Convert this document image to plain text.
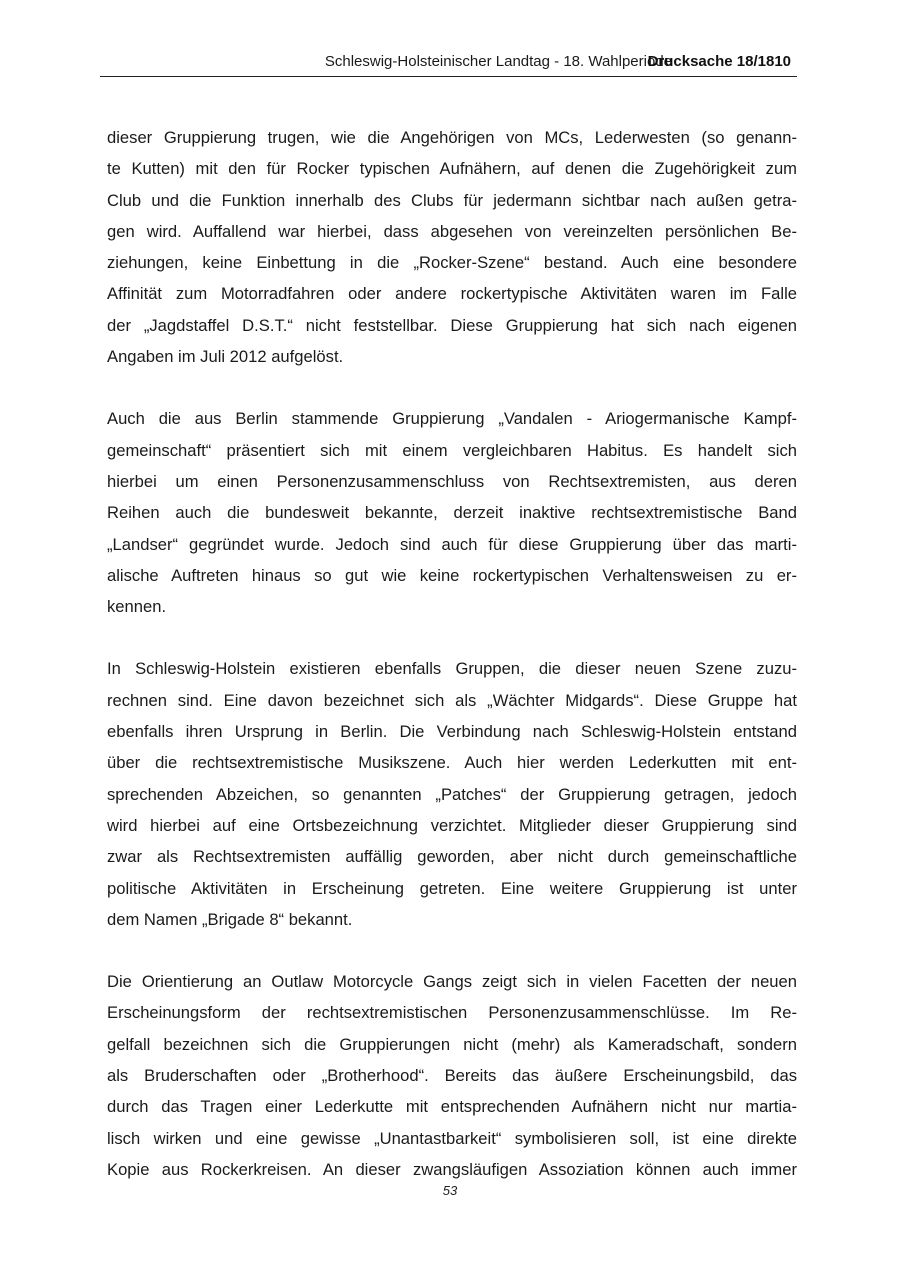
Schleswig-Holsteinischer Landtag - 18. Wahlperiode
Drucksache 18/1810
dieser Gruppierung trugen, wie die Angehörigen von MCs, Lederwesten (so genann-
te Kutten) mit den für Rocker typischen Aufnähern, auf denen die Zugehörigkeit zum
Club und die Funktion innerhalb des Clubs für jedermann sichtbar nach außen getra-
gen wird. Auffallend war hierbei, dass abgesehen von vereinzelten persönlichen Be-
ziehungen, keine Einbettung in die „Rocker-Szene“ bestand. Auch eine besondere
Affinität zum Motorradfahren oder andere rockertypische Aktivitäten waren im Falle
der „Jagdstaffel D.S.T.“ nicht feststellbar. Diese Gruppierung hat sich nach eigenen
Angaben im Juli 2012 aufgelöst.
Auch die aus Berlin stammende Gruppierung „Vandalen - Ariogermanische Kampf-
gemeinschaft“ präsentiert sich mit einem vergleichbaren Habitus. Es handelt sich
hierbei um einen Personenzusammenschluss von Rechtsextremisten, aus deren
Reihen auch die bundesweit bekannte, derzeit inaktive rechtsextremistische Band
„Landser“ gegründet wurde. Jedoch sind auch für diese Gruppierung über das marti-
alische Auftreten hinaus so gut wie keine rockertypischen Verhaltensweisen zu er-
kennen.
In Schleswig-Holstein existieren ebenfalls Gruppen, die dieser neuen Szene zuzu-
rechnen sind. Eine davon bezeichnet sich als „Wächter Midgards“. Diese Gruppe hat
ebenfalls ihren Ursprung in Berlin. Die Verbindung nach Schleswig-Holstein entstand
über die rechtsextremistische Musikszene. Auch hier werden Lederkutten mit ent-
sprechenden Abzeichen, so genannten „Patches“ der Gruppierung getragen, jedoch
wird hierbei auf eine Ortsbezeichnung verzichtet. Mitglieder dieser Gruppierung sind
zwar als Rechtsextremisten auffällig geworden, aber nicht durch gemeinschaftliche
politische Aktivitäten in Erscheinung getreten. Eine weitere Gruppierung ist unter
dem Namen „Brigade 8“ bekannt.
Die Orientierung an Outlaw Motorcycle Gangs zeigt sich in vielen Facetten der neuen
Erscheinungsform der rechtsextremistischen Personenzusammenschlüsse. Im Re-
gelfall bezeichnen sich die Gruppierungen nicht (mehr) als Kameradschaft, sondern
als Bruderschaften oder „Brotherhood“. Bereits das äußere Erscheinungsbild, das
durch das Tragen einer Lederkutte mit entsprechenden Aufnähern nicht nur martia-
lisch wirken und eine gewisse „Unantastbarkeit“ symbolisieren soll, ist eine direkte
Kopie aus Rockerkreisen. An dieser zwangsläufigen Assoziation können auch immer
53
